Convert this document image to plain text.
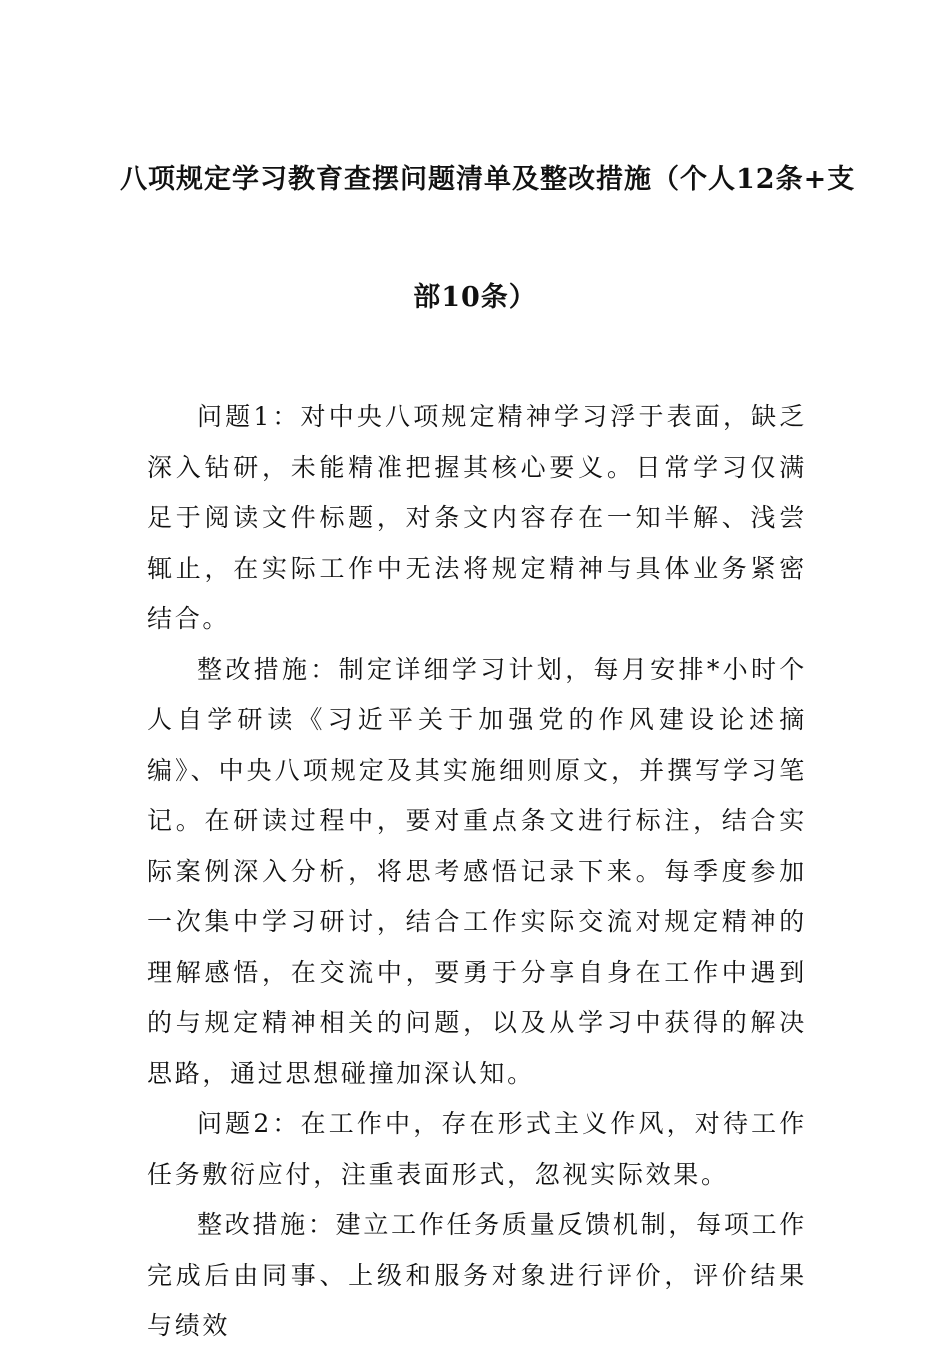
八项规定学习教育查摆问题清单及整改措施（个人12条+支
部10条）

问题1：对中央八项规定精神学习浮于表面，缺乏深入钻研，未能精准把握其核心要义。日常学习仅满足于阅读文件标题，对条文内容存在一知半解、浅尝辄止，在实际工作中无法将规定精神与具体业务紧密结合。

整改措施：制定详细学习计划，每月安排*小时个人自学研读《习近平关于加强党的作风建设论述摘编》、中央八项规定及其实施细则原文，并撰写学习笔记。在研读过程中，要对重点条文进行标注，结合实际案例深入分析，将思考感悟记录下来。每季度参加一次集中学习研讨，结合工作实际交流对规定精神的理解感悟，在交流中，要勇于分享自身在工作中遇到的与规定精神相关的问题，以及从学习中获得的解决思路，通过思想碰撞加深认知。

问题2：在工作中，存在形式主义作风，对待工作任务敷衍应付，注重表面形式，忽视实际效果。

整改措施：建立工作任务质量反馈机制，每项工作完成后由同事、上级和服务对象进行评价，评价结果与绩效
